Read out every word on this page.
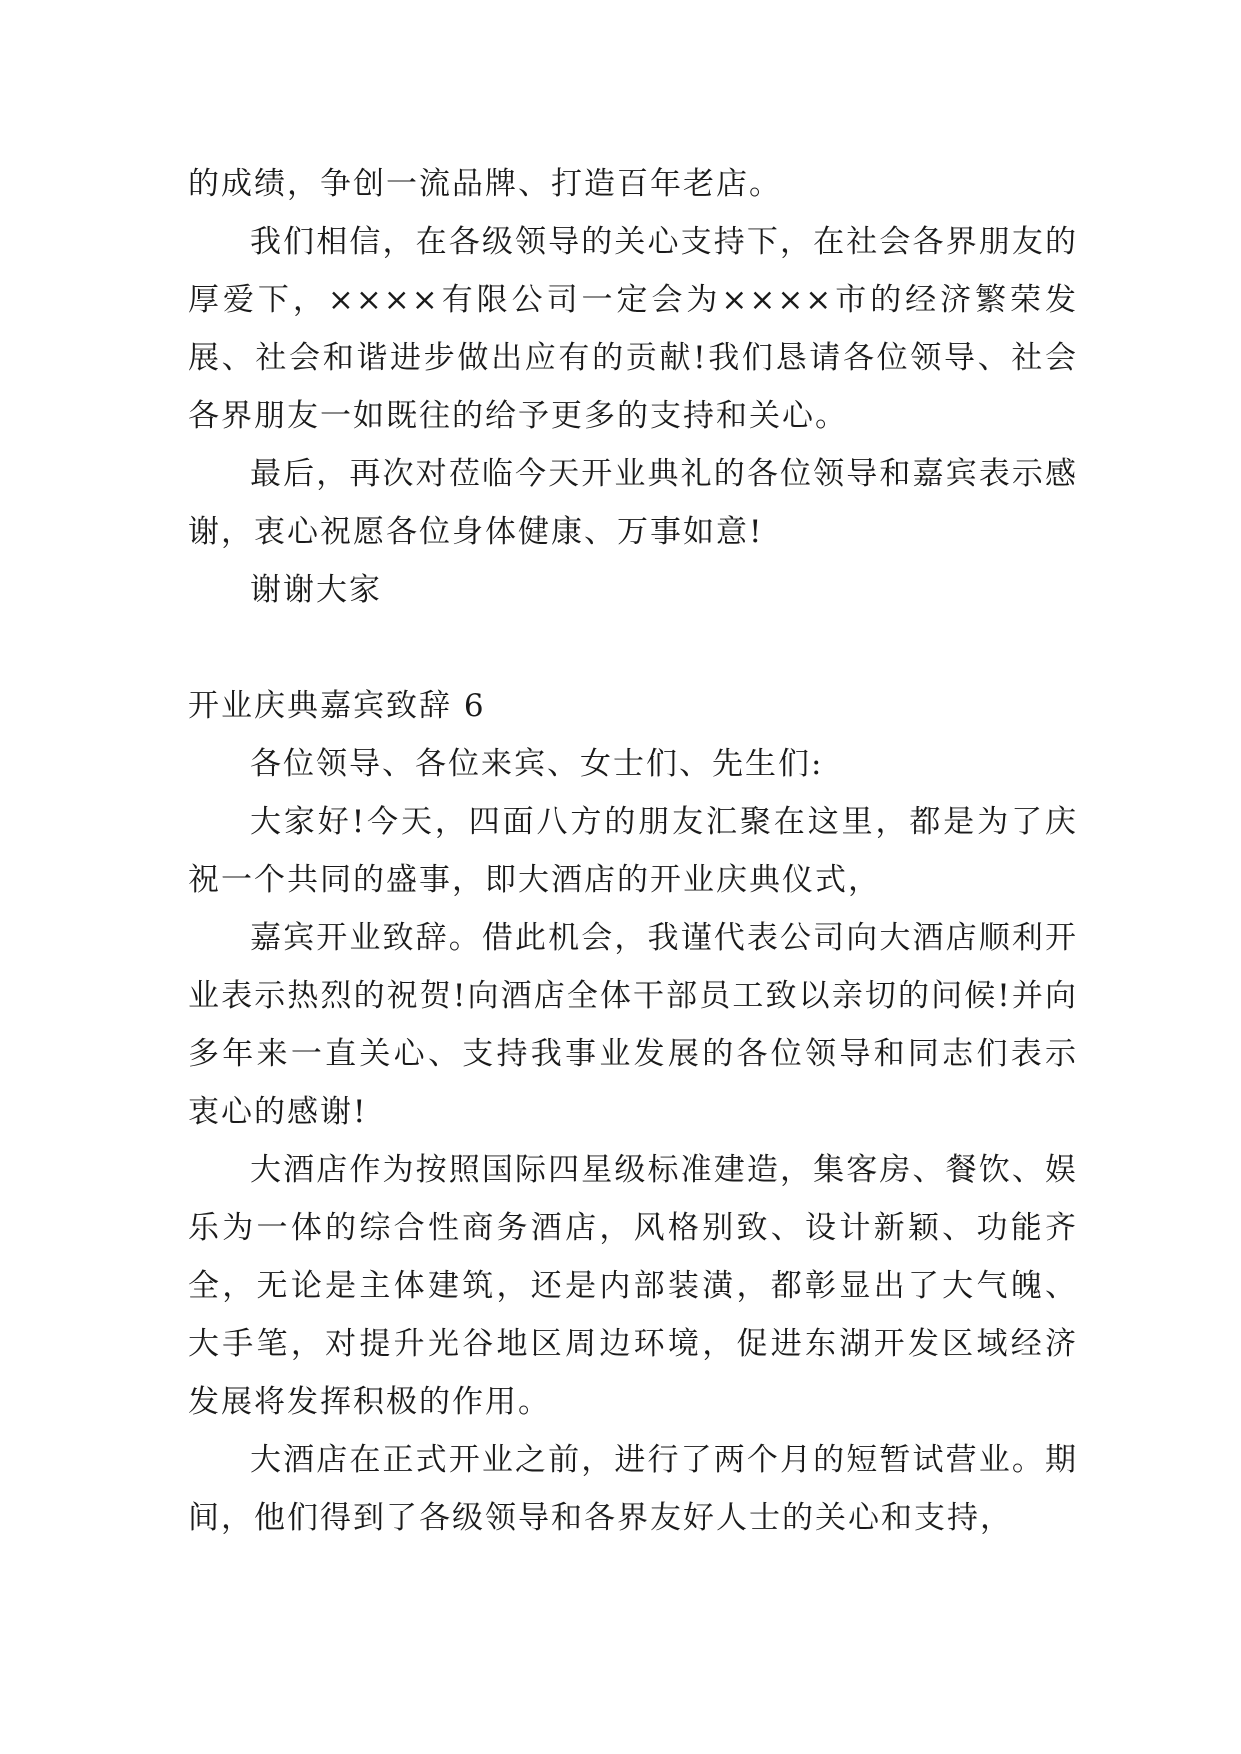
的成绩，争创一流品牌、打造百年老店。

我们相信，在各级领导的关心支持下，在社会各界朋友的厚爱下，××××有限公司一定会为××××市的经济繁荣发展、社会和谐进步做出应有的贡献!我们恳请各位领导、社会各界朋友一如既往的给予更多的支持和关心。

最后，再次对莅临今天开业典礼的各位领导和嘉宾表示感谢，衷心祝愿各位身体健康、万事如意!

谢谢大家

开业庆典嘉宾致辞 6

各位领导、各位来宾、女士们、先生们:

大家好!今天，四面八方的朋友汇聚在这里，都是为了庆祝一个共同的盛事，即大酒店的开业庆典仪式，

嘉宾开业致辞。借此机会，我谨代表公司向大酒店顺利开业表示热烈的祝贺!向酒店全体干部员工致以亲切的问候!并向多年来一直关心、支持我事业发展的各位领导和同志们表示衷心的感谢!

大酒店作为按照国际四星级标准建造，集客房、餐饮、娱乐为一体的综合性商务酒店，风格别致、设计新颖、功能齐全，无论是主体建筑，还是内部装潢，都彰显出了大气魄、大手笔，对提升光谷地区周边环境，促进东湖开发区域经济发展将发挥积极的作用。

大酒店在正式开业之前，进行了两个月的短暂试营业。期间，他们得到了各级领导和各界友好人士的关心和支持，
